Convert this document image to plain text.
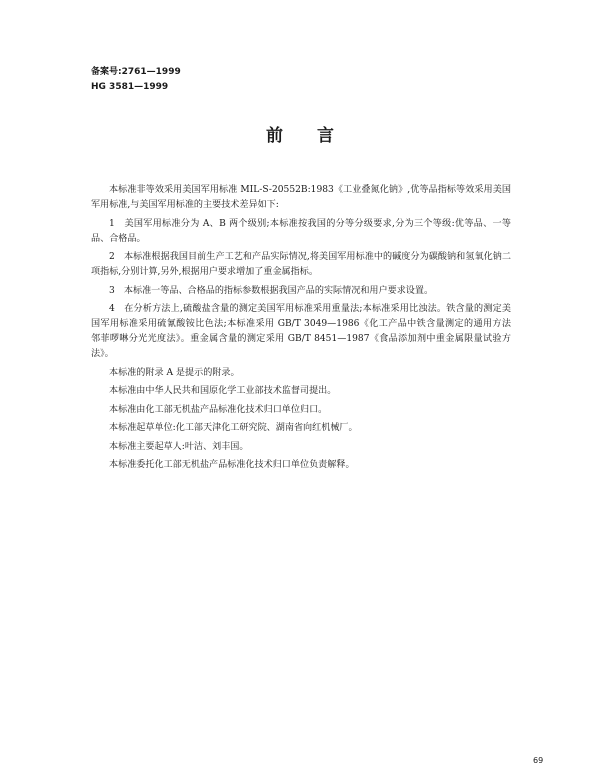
备案号:2761—1999
HG 3581—1999
前言

本标准非等效采用美国军用标准 MIL-S-20552B:1983《工业叠氮化钠》,优等品指标等效采用美国军用标准,与美国军用标准的主要技术差异如下:

1　美国军用标准分为 A、B 两个级别;本标准按我国的分等分级要求,分为三个等级:优等品、一等品、合格品。

2　本标准根据我国目前生产工艺和产品实际情况,将美国军用标准中的碱度分为碳酸钠和氢氧化钠二项指标,分别计算,另外,根据用户要求增加了重金属指标。

3　本标准一等品、合格品的指标参数根据我国产品的实际情况和用户要求设置。

4　在分析方法上,硫酸盐含量的测定美国军用标准采用重量法;本标准采用比浊法。铁含量的测定美国军用标准采用硫氰酸铵比色法;本标准采用 GB/T 3049—1986《化工产品中铁含量测定的通用方法　邻菲啰啉分光光度法》。重金属含量的测定采用 GB/T 8451—1987《食品添加剂中重金属限量试验方法》。

本标准的附录 A 是提示的附录。

本标准由中华人民共和国原化学工业部技术监督司提出。

本标准由化工部无机盐产品标准化技术归口单位归口。

本标准起草单位:化工部天津化工研究院、湖南省向红机械厂。

本标准主要起草人:叶洁、刘丰国。

本标准委托化工部无机盐产品标准化技术归口单位负责解释。

69
